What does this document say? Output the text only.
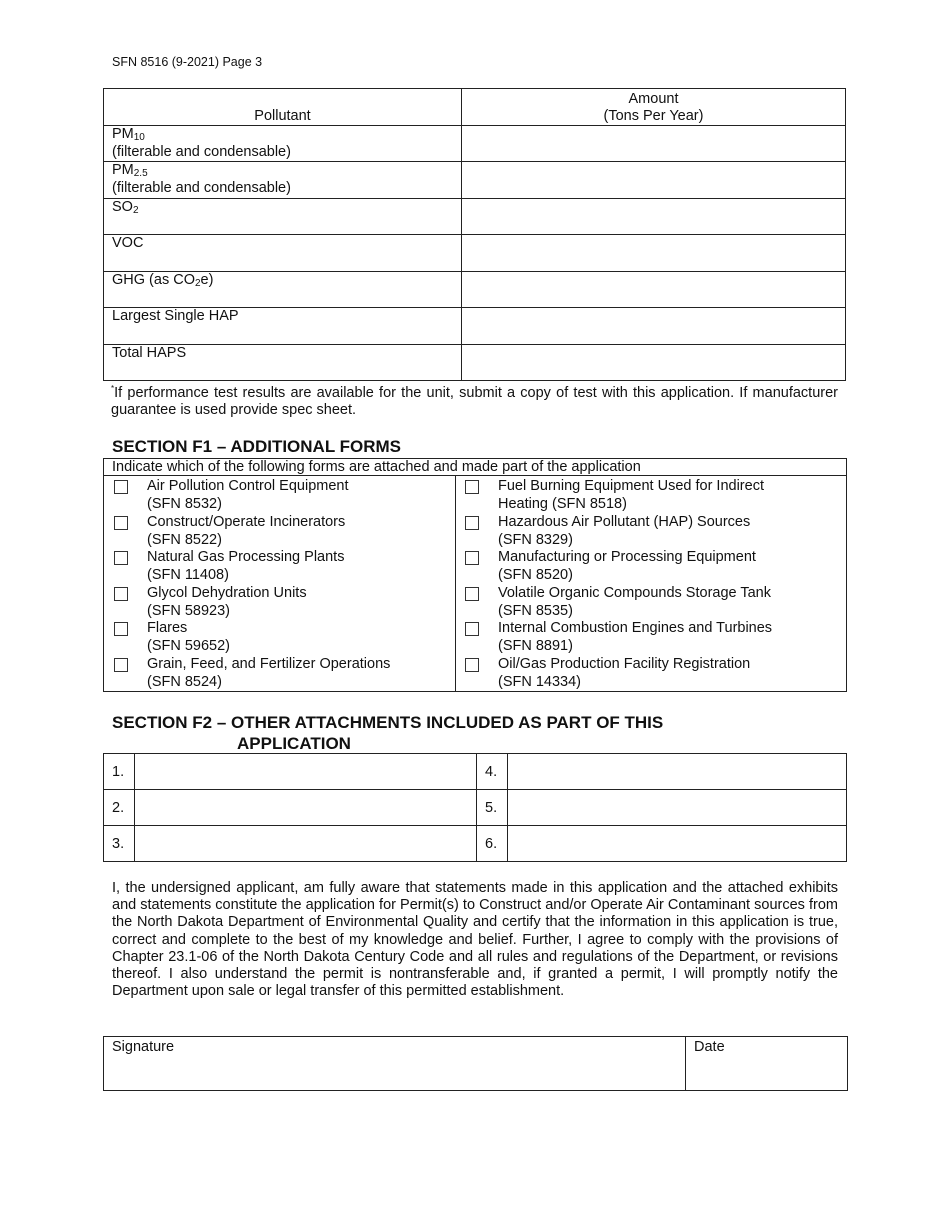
SFN 8516 (9-2021) Page 3
Pollutant	Amount
(Tons Per Year)
PM10
(filterable and condensable)	
PM2.5
(filterable and condensable)	
SO2	
VOC	
GHG (as CO2e)	
Largest Single HAP	
Total HAPS	
*If performance test results are available for the unit, submit a copy of test with this application. If manufacturer guarantee is used provide spec sheet.
SECTION F1 – ADDITIONAL FORMS
Indicate which of the following forms are attached and made part of the application
Air Pollution Control Equipment
(SFN 8532)
Construct/Operate Incinerators
(SFN 8522)
Natural Gas Processing Plants
(SFN 11408)
Glycol Dehydration Units
(SFN 58923)
Flares
(SFN 59652)
Grain, Feed, and Fertilizer Operations
(SFN 8524)
Fuel Burning Equipment Used for Indirect
Heating (SFN 8518)
Hazardous Air Pollutant (HAP) Sources
(SFN 8329)
Manufacturing or Processing Equipment
(SFN 8520)
Volatile Organic Compounds Storage Tank
(SFN 8535)
Internal Combustion Engines and Turbines
(SFN 8891)
Oil/Gas Production Facility Registration
(SFN 14334)
SECTION F2 – OTHER ATTACHMENTS INCLUDED AS PART OF THIS
APPLICATION
1.		4.	
2.		5.	
3.		6.	
I, the undersigned applicant, am fully aware that statements made in this application and the attached exhibits and statements constitute the application for Permit(s) to Construct and/or Operate Air Contaminant sources from the North Dakota Department of Environmental Quality and certify that the information in this application is true, correct and complete to the best of my knowledge and belief. Further, I agree to comply with the provisions of Chapter 23.1-06 of the North Dakota Century Code and all rules and regulations of the Department, or revisions thereof. I also understand the permit is nontransferable and, if granted a permit, I will promptly notify the Department upon sale or legal transfer of this permitted establishment.
Signature	Date
